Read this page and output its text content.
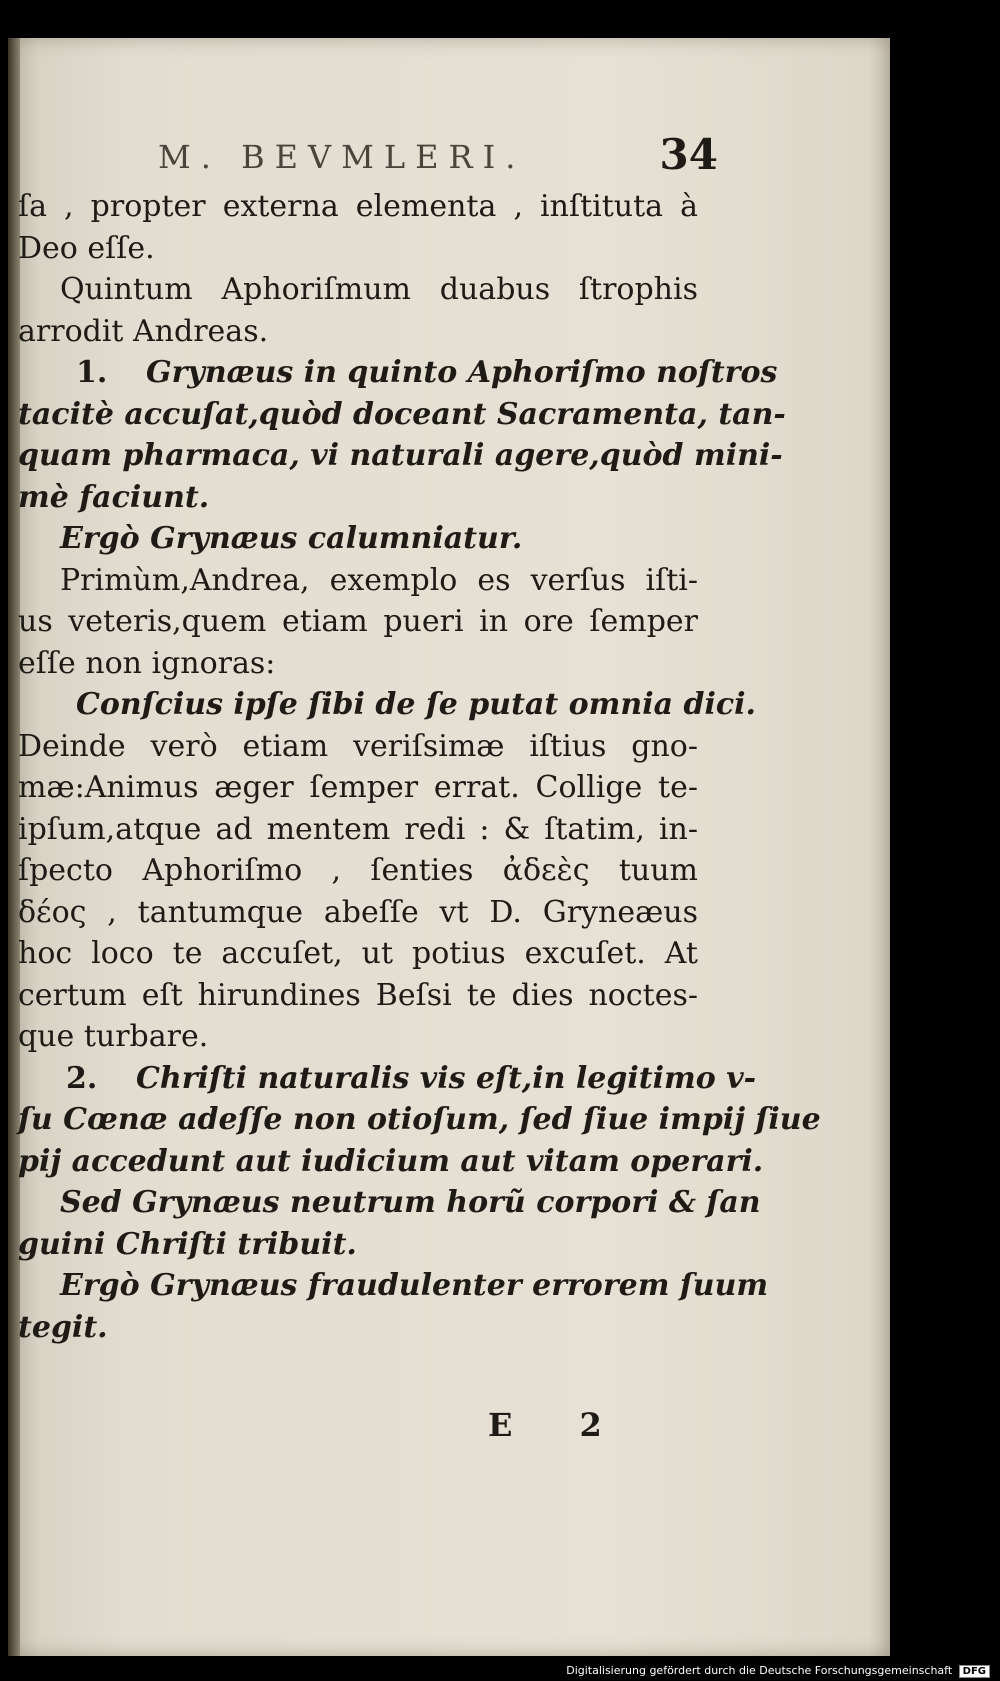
M. BEVMLERI.	34
ſa , propter externa elementa , inſtituta à
Deo eſſe.
Quintum Aphoriſmum duabus ſtrophis
arrodit Andreas.
1. Grynæus in quinto Aphoriſmo noſtros
tacitè accuſat,quòd doceant Sacramenta, tan-
quam pharmaca, vi naturali agere,quòd mini-
mè faciunt.
Ergò Grynæus calumniatur.
Primùm,Andrea, exemplo es verſus iſti-
us veteris,quem etiam pueri in ore ſemper
eſſe non ignoras:
Conſcius ipſe ſibi de ſe putat omnia dici.
Deinde verò etiam veriſsimæ iſtius gno-
mæ:Animus æger ſemper errat. Collige te-
ipſum,atque ad mentem redi : & ſtatim, in-
ſpecto Aphoriſmo , ſenties ἀδεὲς tuum
δέος , tantumque abeſſe vt D. Gryneæus
hoc loco te accuſet, ut potius excuſet. At
certum eſt hirundines Beſsi te dies noctes-
que turbare.
2. Chriſti naturalis vis eſt,in legitimo v-
ſu Cœnæ adeſſe non otioſum, ſed ſiue impij ſiue
pij accedunt aut iudicium aut vitam operari.
Sed Grynæus neutrum horũ corpori & ſan
guini Chriſti tribuit.
Ergò Grynæus fraudulenter errorem ſuum
tegit.
E 2
Digitalisierung gefördert durch die Deutsche Forschungsgemeinschaft DFG
